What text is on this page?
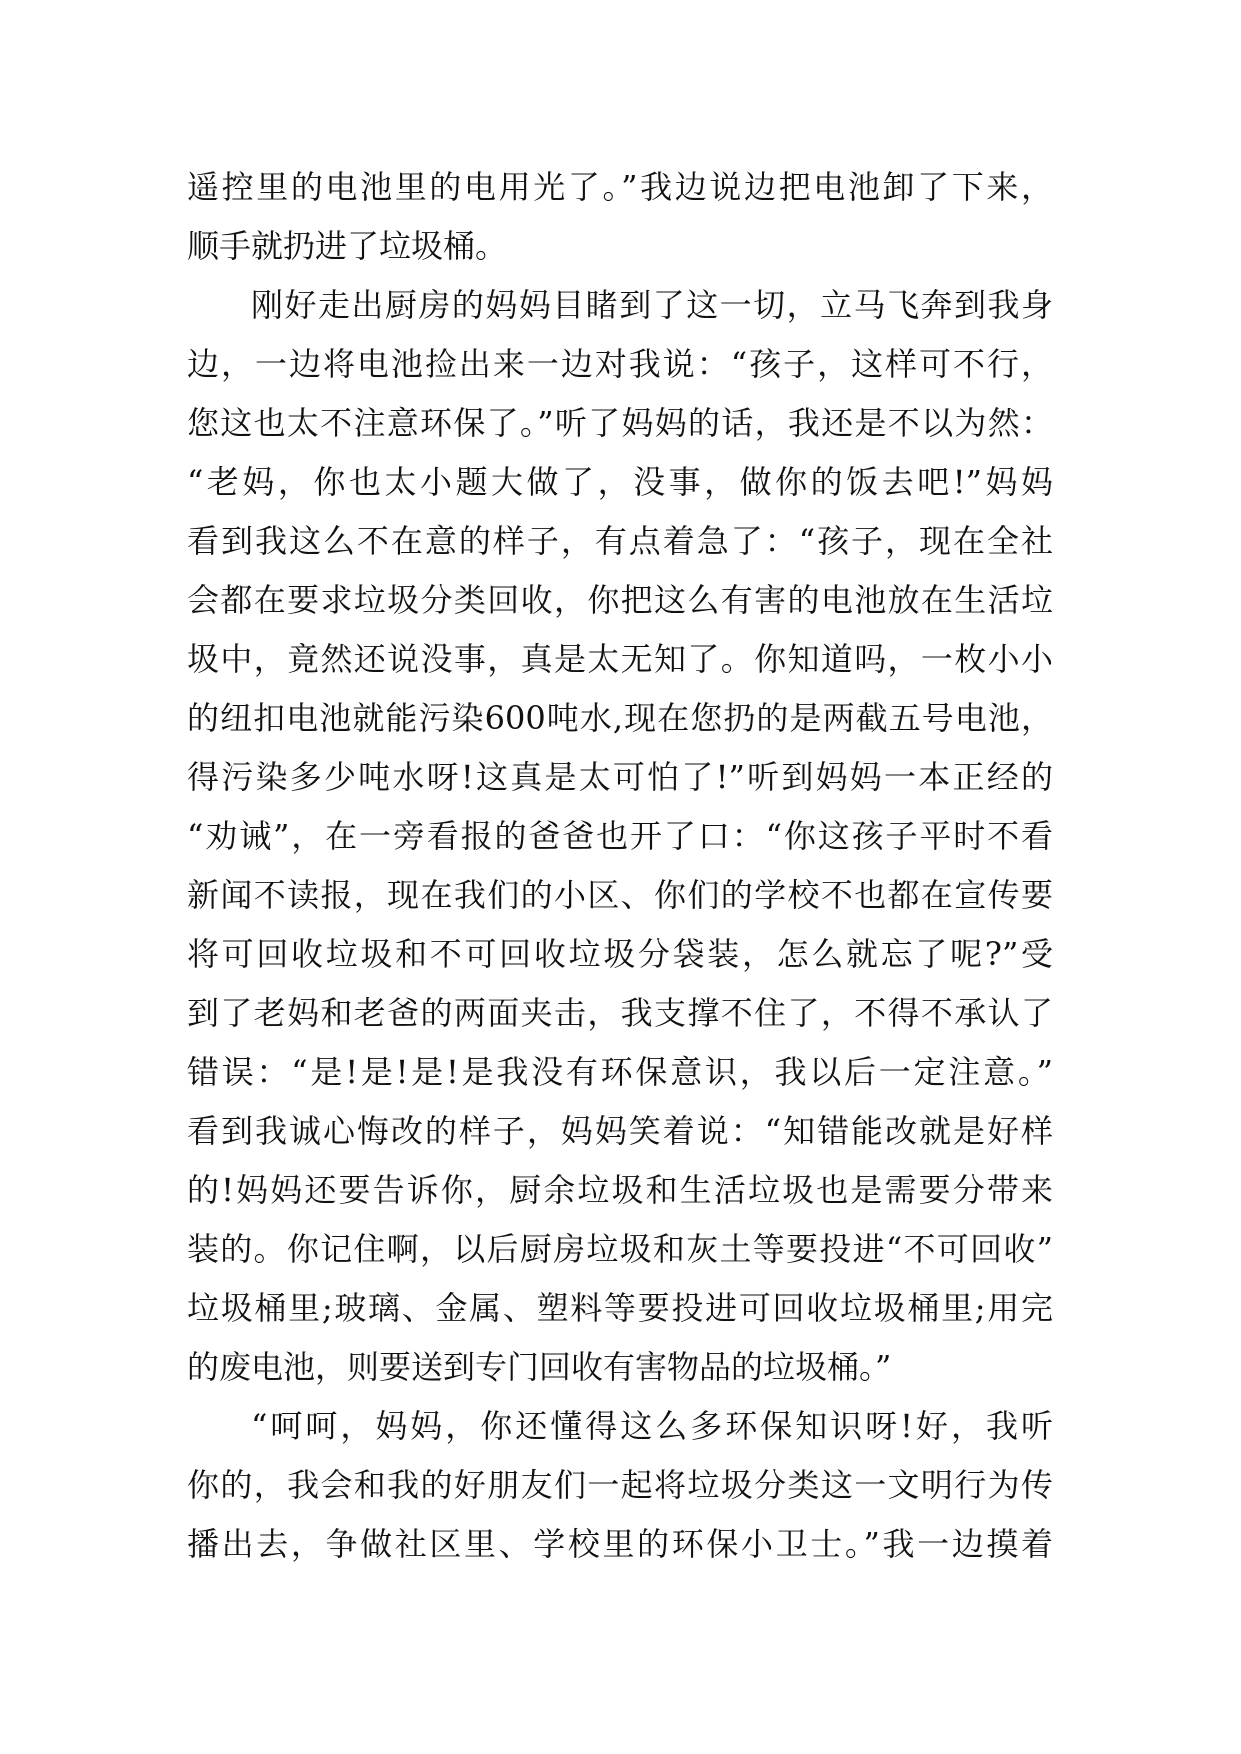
遥控里的电池里的电用光了。”我边说边把电池卸了下来，
顺手就扔进了垃圾桶。
刚好走出厨房的妈妈目睹到了这一切，立马飞奔到我身
边，一边将电池捡出来一边对我说：“孩子，这样可不行，
您这也太不注意环保了。”听了妈妈的话，我还是不以为然：
“老妈，你也太小题大做了，没事，做你的饭去吧!”妈妈
看到我这么不在意的样子，有点着急了：“孩子，现在全社
会都在要求垃圾分类回收，你把这么有害的电池放在生活垃
圾中，竟然还说没事，真是太无知了。你知道吗，一枚小小
的纽扣电池就能污染600吨水,现在您扔的是两截五号电池，
得污染多少吨水呀!这真是太可怕了!”听到妈妈一本正经的
“劝诫”，在一旁看报的爸爸也开了口：“你这孩子平时不看
新闻不读报，现在我们的小区、你们的学校不也都在宣传要
将可回收垃圾和不可回收垃圾分袋装，怎么就忘了呢?”受
到了老妈和老爸的两面夹击，我支撑不住了，不得不承认了
错误：“是!是!是!是我没有环保意识，我以后一定注意。”
看到我诚心悔改的样子，妈妈笑着说：“知错能改就是好样
的!妈妈还要告诉你，厨余垃圾和生活垃圾也是需要分带来
装的。你记住啊，以后厨房垃圾和灰土等要投进“不可回收”
垃圾桶里;玻璃、金属、塑料等要投进可回收垃圾桶里;用完
的废电池，则要送到专门回收有害物品的垃圾桶。”
“呵呵，妈妈，你还懂得这么多环保知识呀!好，我听
你的，我会和我的好朋友们一起将垃圾分类这一文明行为传
播出去，争做社区里、学校里的环保小卫士。”我一边摸着
